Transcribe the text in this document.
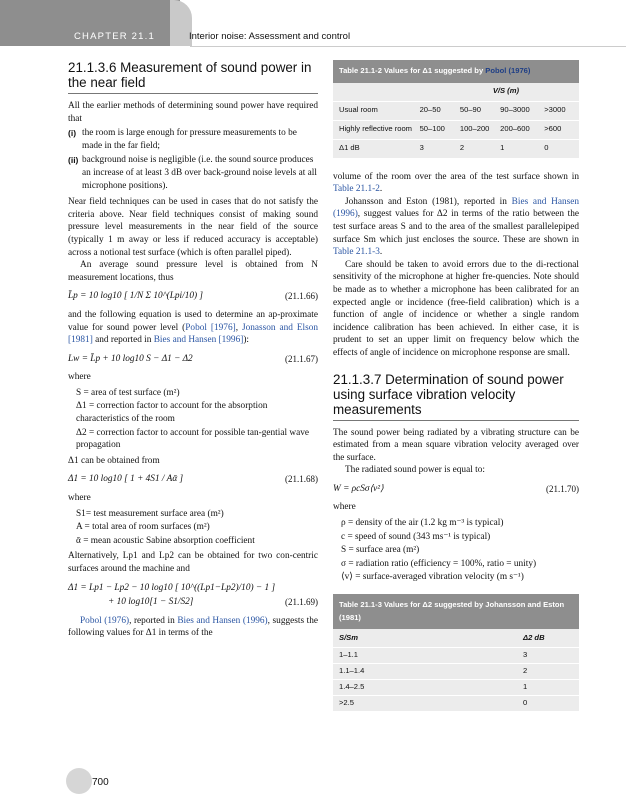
CHAPTER 21.1	Interior noise: Assessment and control
21.1.3.6 Measurement of sound power in the near field

All the earlier methods of determining sound power have required that

(i) the room is large enough for pressure measurements to be made in the far field;
(ii) background noise is negligible (i.e. the sound source produces an increase of at least 3 dB over back-ground noise levels at all microphone positions).

Near field techniques can be used in cases that do not satisfy the criteria above. Near field techniques consist of making sound pressure level measurements in the near field of the source (typically 1 m away or less if reduced accuracy is acceptable) across a notional test surface (which is often parallel piped).

An average sound pressure level is obtained from N measurement locations, thus

L̄p = 10 log10 [ 1/N Σ 10^(Lpi/10) ]	(21.1.66)

and the following equation is used to determine an ap-proximate value for sound power level (Pobol [1976], Jonasson and Elson [1981] and reported in Bies and Hansen [1996]):

Lw = L̄p + 10 log10 S − Δ1 − Δ2	(21.1.67)

where

S = area of test surface (m²)
Δ1 = correction factor to account for the absorption characteristics of the room
Δ2 = correction factor to account for possible tan-gential wave propagation

Δ1 can be obtained from

Δ1 = 10 log10 [ 1 + 4S1 / Aᾱ ]	(21.1.68)

where

S1= test measurement surface area (m²)
A = total area of room surfaces (m²)
ᾱ = mean acoustic Sabine absorption coefficient

Alternatively, Lp1 and Lp2 can be obtained for two con-centric surfaces around the machine and

Δ1 = Lp1 − Lp2 − 10 log10 [ 10^((Lp1−Lp2)/10) − 1 ]
+ 10 log10[1 − S1/S2]	(21.1.69)

Pobol (1976), reported in Bies and Hansen (1996), suggests the following values for Δ1 in terms of the

Table 21.1-2 Values for Δ1 suggested by Pobol (1976)
V/S (m)
Usual room	20–50	50–90	90–3000	>3000
Highly reflective room 50–100	100–200	200–600	>600
Δ1 dB	3	2	1	0

volume of the room over the area of the test surface shown in Table 21.1-2.

Johansson and Eston (1981), reported in Bies and Hansen (1996), suggest values for Δ2 in terms of the ratio between the test surface areas S and to the area of the smallest parallelepiped surface Sm which just encloses the source. These are shown in Table 21.1-3.

Care should be taken to avoid errors due to the di-rectional sensitivity of the microphone at higher fre-quencies. Note should be made as to whether a microphone has been calibrated for an expected angle or incidence (free-field calibration) which is a function of angle of incidence or whether a single random incidence calibration has been achieved. In either case, it is prudent to set an upper limit on frequency below which the effects of angle of incidence on microphone response are small.

21.1.3.7 Determination of sound power using surface vibration velocity measurements

The sound power being radiated by a vibrating structure can be estimated from a mean square vibration velocity averaged over the surface.

The radiated sound power is equal to:

W = ρcSσ⟨v²⟩	(21.1.70)

where

ρ = density of the air (1.2 kg m⁻³ is typical)
c = speed of sound (343 ms⁻¹ is typical)
S = surface area (m²)
σ = radiation ratio (efficiency = 100%, ratio = unity)
⟨v⟩ = surface-averaged vibration velocity (m s⁻¹)
Table 21.1-3 Values for Δ2 suggested by Johansson and Eston (1981)
S/Sm	Δ2 dB
1–1.1	3
1.1–1.4	2
1.4–2.5	1
>2.5	0
700
